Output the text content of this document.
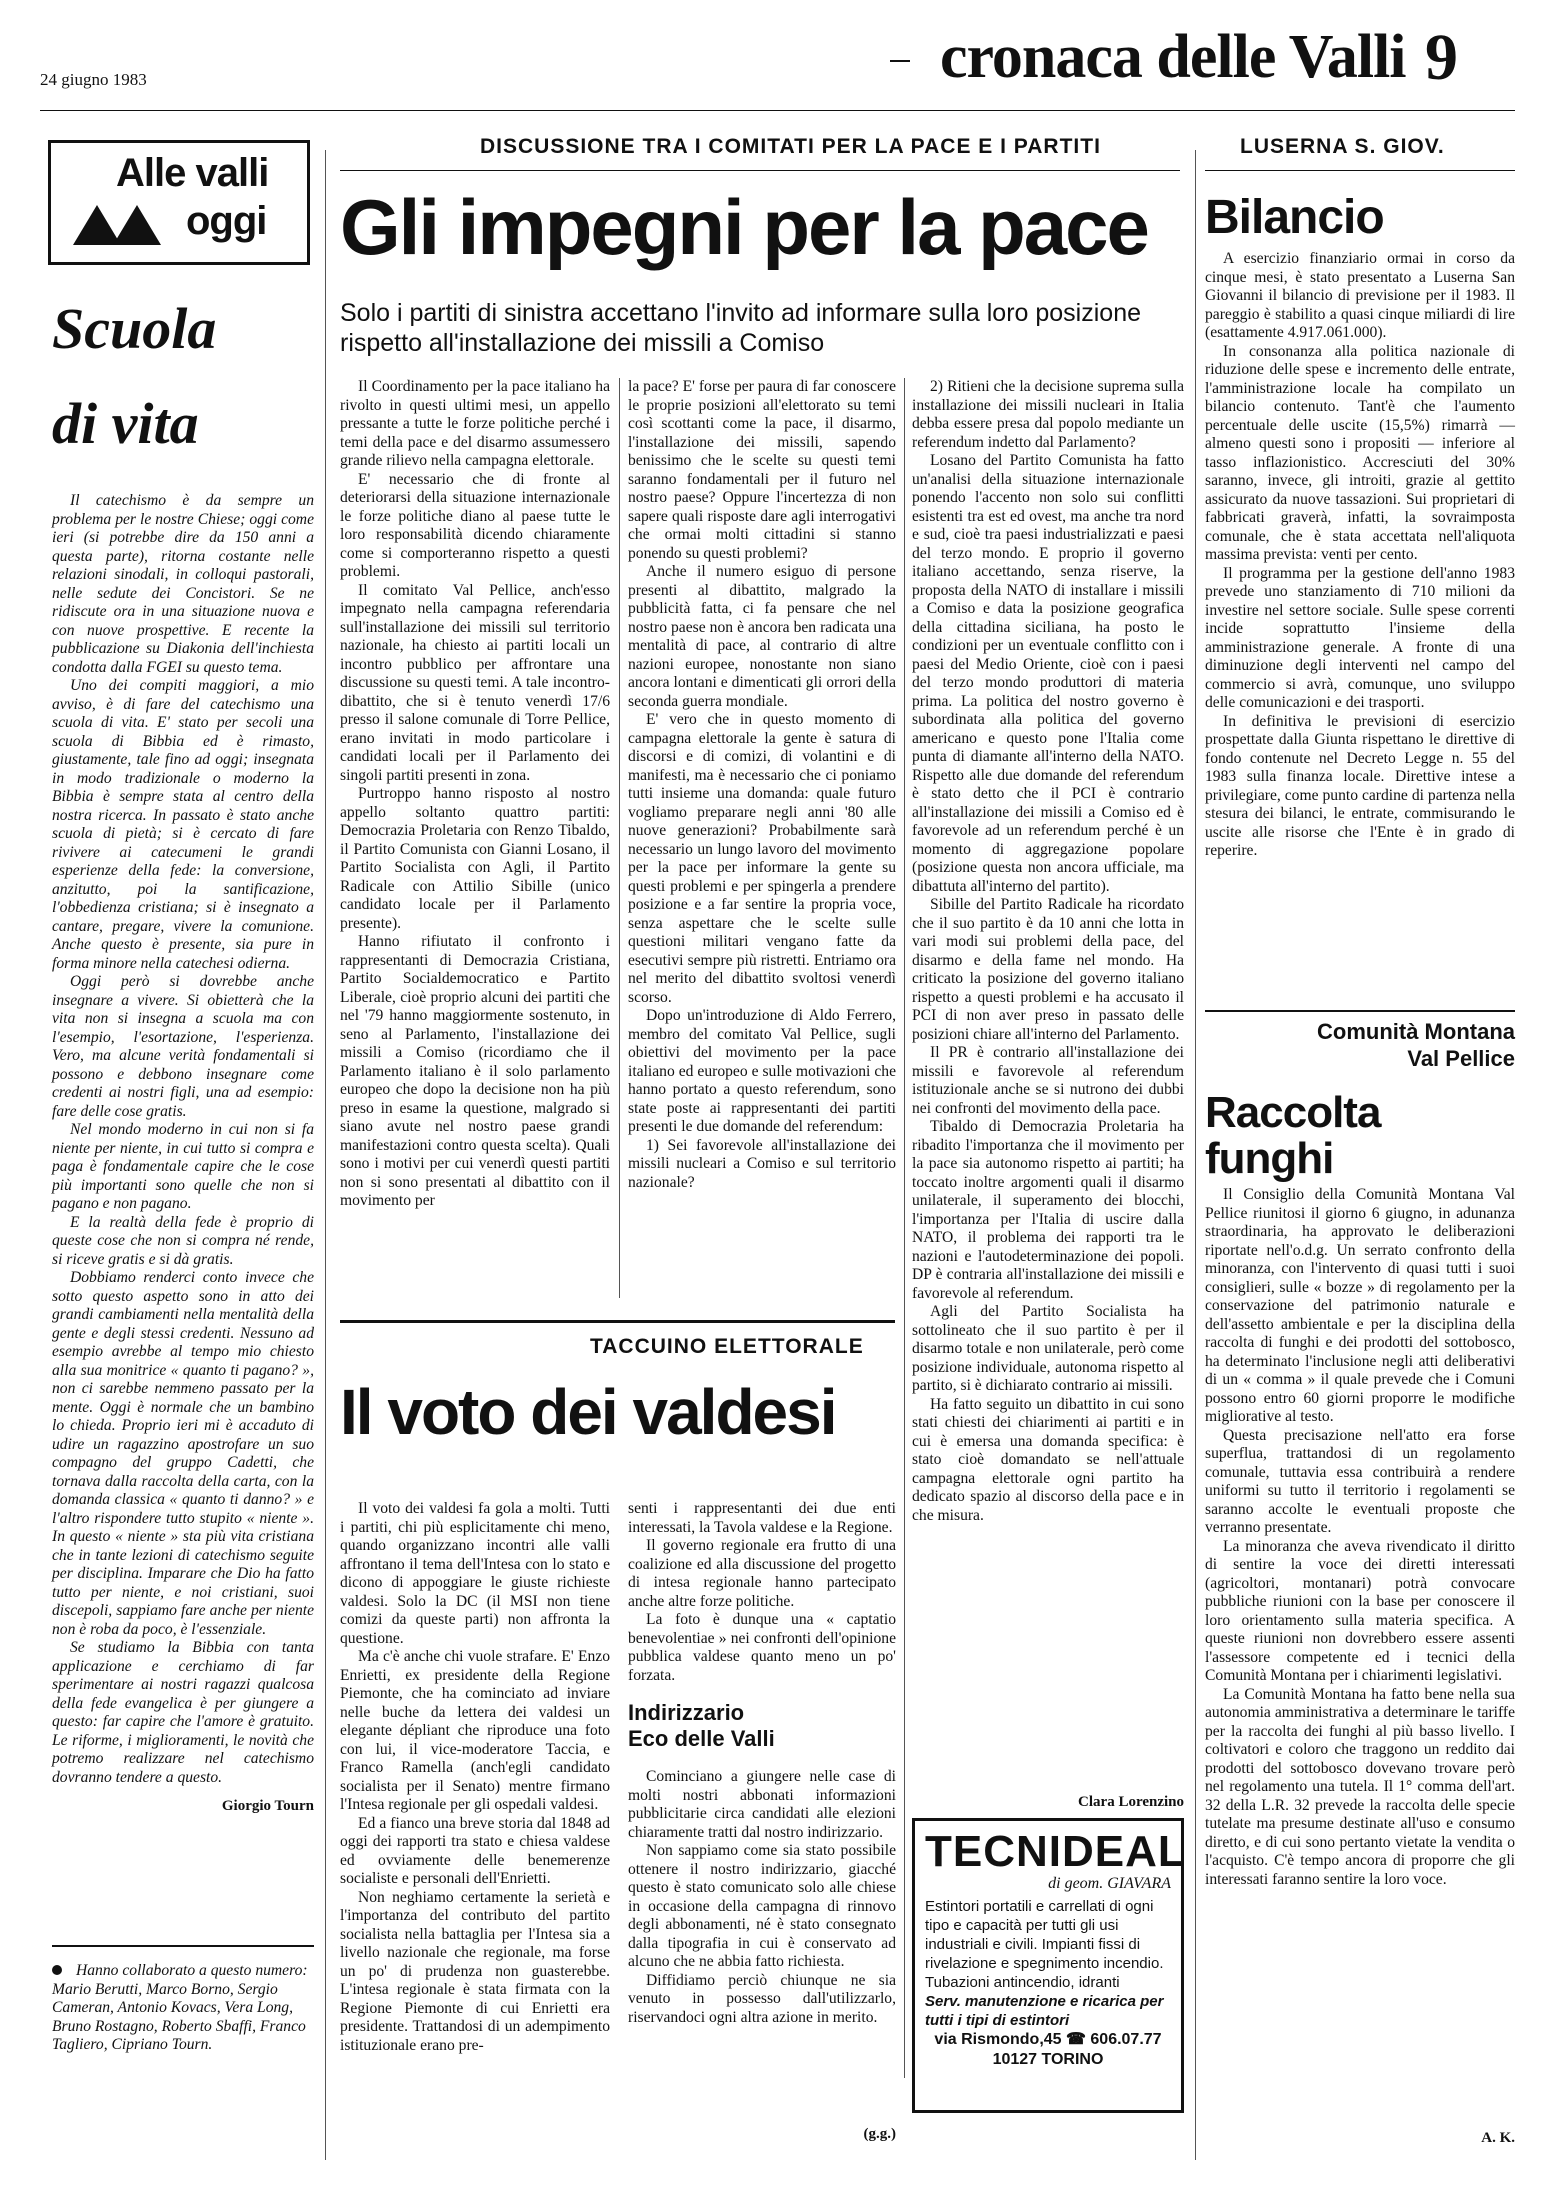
24 giugno 1983	cronaca delle Valli 9
Alle valli
oggi
Scuola
di vita

Il catechismo è da sempre un problema per le nostre Chiese; oggi come ieri (si potrebbe dire da 150 anni a questa parte), ritorna costante nelle relazioni sinodali, in colloqui pastorali, nelle sedute dei Concistori. Se ne ridiscute ora in una situazione nuova e con nuove prospettive. E recente la pubblicazione su Diakonia dell'inchiesta condotta dalla FGEI su questo tema.

Uno dei compiti maggiori, a mio avviso, è di fare del catechismo una scuola di vita. E' stato per secoli una scuola di Bibbia ed è rimasto, giustamente, tale fino ad oggi; insegnata in modo tradizionale o moderno la Bibbia è sempre stata al centro della nostra ricerca. In passato è stato anche scuola di pietà; si è cercato di fare rivivere ai catecumeni le grandi esperienze della fede: la conversione, anzitutto, poi la santificazione, l'obbedienza cristiana; si è insegnato a cantare, pregare, vivere la comunione. Anche questo è presente, sia pure in forma minore nella catechesi odierna.

Oggi però si dovrebbe anche insegnare a vivere. Si obietterà che la vita non si insegna a scuola ma con l'esempio, l'esortazione, l'esperienza. Vero, ma alcune verità fondamentali si possono e debbono insegnare come credenti ai nostri figli, una ad esempio: fare delle cose gratis.

Nel mondo moderno in cui non si fa niente per niente, in cui tutto si compra e paga è fondamentale capire che le cose più importanti sono quelle che non si pagano e non pagano.

E la realtà della fede è proprio di queste cose che non si compra né rende, si riceve gratis e si dà gratis.

Dobbiamo renderci conto invece che sotto questo aspetto sono in atto dei grandi cambiamenti nella mentalità della gente e degli stessi credenti. Nessuno ad esempio avrebbe al tempo mio chiesto alla sua monitrice « quanto ti pagano? », non ci sarebbe nemmeno passato per la mente. Oggi è normale che un bambino lo chieda. Proprio ieri mi è accaduto di udire un ragazzino apostrofare un suo compagno del gruppo Cadetti, che tornava dalla raccolta della carta, con la domanda classica « quanto ti danno? » e l'altro rispondere tutto stupito « niente ». In questo « niente » sta più vita cristiana che in tante lezioni di catechismo seguite per disciplina. Imparare che Dio ha fatto tutto per niente, e noi cristiani, suoi discepoli, sappiamo fare anche per niente non è roba da poco, è l'essenziale.

Se studiamo la Bibbia con tanta applicazione e cerchiamo di far sperimentare ai nostri ragazzi qualcosa della fede evangelica è per giungere a questo: far capire che l'amore è gratuito. Le riforme, i miglioramenti, le novità che potremo realizzare nel catechismo dovranno tendere a questo.

Giorgio Tourn
Hanno collaborato a questo numero: Mario Berutti, Marco Borno, Sergio Cameran, Antonio Kovacs, Vera Long, Bruno Rostagno, Roberto Sbaffi, Franco Tagliero, Cipriano Tourn.
DISCUSSIONE TRA I COMITATI PER LA PACE E I PARTITI	LUSERNA S. GIOV.
Gli impegni per la pace
Solo i partiti di sinistra accettano l'invito ad informare sulla loro posizione rispetto all'installazione dei missili a Comiso

Il Coordinamento per la pace italiano ha rivolto in questi ultimi mesi, un appello pressante a tutte le forze politiche perché i temi della pace e del disarmo assumessero grande rilievo nella campagna elettorale.

E' necessario che di fronte al deteriorarsi della situazione internazionale le forze politiche diano al paese tutte le loro responsabilità dicendo chiaramente come si comporteranno rispetto a questi problemi.

Il comitato Val Pellice, anch'esso impegnato nella campagna referendaria sull'installazione dei missili sul territorio nazionale, ha chiesto ai partiti locali un incontro pubblico per affrontare una discussione su questi temi. A tale incontro-dibattito, che si è tenuto venerdì 17/6 presso il salone comunale di Torre Pellice, erano invitati in modo particolare i candidati locali per il Parlamento dei singoli partiti presenti in zona.

Purtroppo hanno risposto al nostro appello soltanto quattro partiti: Democrazia Proletaria con Renzo Tibaldo, il Partito Comunista con Gianni Losano, il Partito Socialista con Agli, il Partito Radicale con Attilio Sibille (unico candidato locale per il Parlamento presente).

Hanno rifiutato il confronto i rappresentanti di Democrazia Cristiana, Partito Socialdemocratico e Partito Liberale, cioè proprio alcuni dei partiti che nel '79 hanno maggiormente sostenuto, in seno al Parlamento, l'installazione dei missili a Comiso (ricordiamo che il Parlamento italiano è il solo parlamento europeo che dopo la decisione non ha più preso in esame la questione, malgrado si siano avute nel nostro paese grandi manifestazioni contro questa scelta). Quali sono i motivi per cui venerdì questi partiti non si sono presentati al dibattito con il movimento per

la pace? E' forse per paura di far conoscere le proprie posizioni all'elettorato su temi così scottanti come la pace, il disarmo, l'installazione dei missili, sapendo benissimo che le scelte su questi temi saranno fondamentali per il futuro nel nostro paese? Oppure l'incertezza di non sapere quali risposte dare agli interrogativi che ormai molti cittadini si stanno ponendo su questi problemi?

Anche il numero esiguo di persone presenti al dibattito, malgrado la pubblicità fatta, ci fa pensare che nel nostro paese non è ancora ben radicata una mentalità di pace, al contrario di altre nazioni europee, nonostante non siano ancora lontani e dimenticati gli orrori della seconda guerra mondiale.

E' vero che in questo momento di campagna elettorale la gente è satura di discorsi e di comizi, di volantini e di manifesti, ma è necessario che ci poniamo tutti insieme una domanda: quale futuro vogliamo preparare negli anni '80 alle nuove generazioni? Probabilmente sarà necessario un lungo lavoro del movimento per la pace per informare la gente su questi problemi e per spingerla a prendere posizione e a far sentire la propria voce, senza aspettare che le scelte sulle questioni militari vengano fatte da esecutivi sempre più ristretti. Entriamo ora nel merito del dibattito svoltosi venerdì scorso.

Dopo un'introduzione di Aldo Ferrero, membro del comitato Val Pellice, sugli obiettivi del movimento per la pace italiano ed europeo e sulle motivazioni che hanno portato a questo referendum, sono state poste ai rappresentanti dei partiti presenti le due domande del referendum:

1) Sei favorevole all'installazione dei missili nucleari a Comiso e sul territorio nazionale?

2) Ritieni che la decisione suprema sulla installazione dei missili nucleari in Italia debba essere presa dal popolo mediante un referendum indetto dal Parlamento?

Losano del Partito Comunista ha fatto un'analisi della situazione internazionale ponendo l'accento non solo sui conflitti esistenti tra est ed ovest, ma anche tra nord e sud, cioè tra paesi industrializzati e paesi del terzo mondo. E proprio il governo italiano accettando, senza riserve, la proposta della NATO di installare i missili a Comiso e data la posizione geografica della cittadina siciliana, ha posto le condizioni per un eventuale conflitto con i paesi del Medio Oriente, cioè con i paesi del terzo mondo produttori di materia prima. La politica del nostro governo è subordinata alla politica del governo americano e questo pone l'Italia come punta di diamante all'interno della NATO. Rispetto alle due domande del referendum è stato detto che il PCI è contrario all'installazione dei missili a Comiso ed è favorevole ad un referendum perché è un momento di aggregazione popolare (posizione questa non ancora ufficiale, ma dibattuta all'interno del partito).

Sibille del Partito Radicale ha ricordato che il suo partito è da 10 anni che lotta in vari modi sui problemi della pace, del disarmo e della fame nel mondo. Ha criticato la posizione del governo italiano rispetto a questi problemi e ha accusato il PCI di non aver preso in passato delle posizioni chiare all'interno del Parlamento.

Il PR è contrario all'installazione dei missili e favorevole al referendum istituzionale anche se si nutrono dei dubbi nei confronti del movimento della pace.

Tibaldo di Democrazia Proletaria ha ribadito l'importanza che il movimento per la pace sia autonomo rispetto ai partiti; ha toccato inoltre argomenti quali il disarmo unilaterale, il superamento dei blocchi, l'importanza per l'Italia di uscire dalla NATO, il problema dei rapporti tra le nazioni e l'autodeterminazione dei popoli. DP è contraria all'installazione dei missili e favorevole al referendum.

Agli del Partito Socialista ha sottolineato che il suo partito è per il disarmo totale e non unilaterale, però come posizione individuale, autonoma rispetto al partito, si è dichiarato contrario ai missili.

Ha fatto seguito un dibattito in cui sono stati chiesti dei chiarimenti ai partiti e in cui è emersa una domanda specifica: è stato cioè domandato se nell'attuale campagna elettorale ogni partito ha dedicato spazio al discorso della pace e in che misura.

Clara Lorenzino
TACCUINO ELETTORALE
Il voto dei valdesi

Il voto dei valdesi fa gola a molti. Tutti i partiti, chi più esplicitamente chi meno, quando organizzano incontri alle valli affrontano il tema dell'Intesa con lo stato e dicono di appoggiare le giuste richieste valdesi. Solo la DC (il MSI non tiene comizi da queste parti) non affronta la questione.

Ma c'è anche chi vuole strafare. E' Enzo Enrietti, ex presidente della Regione Piemonte, che ha cominciato ad inviare nelle buche da lettera dei valdesi un elegante dépliant che riproduce una foto con lui, il vice-moderatore Taccia, e Franco Ramella (anch'egli candidato socialista per il Senato) mentre firmano l'Intesa regionale per gli ospedali valdesi.

Ed a fianco una breve storia dal 1848 ad oggi dei rapporti tra stato e chiesa valdese ed ovviamente delle benemerenze socialiste e personali dell'Enrietti.

Non neghiamo certamente la serietà e l'importanza del contributo del partito socialista nella battaglia per l'Intesa sia a livello nazionale che regionale, ma forse un po' di prudenza non guasterebbe. L'intesa regionale è stata firmata con la Regione Piemonte di cui Enrietti era presidente. Trattandosi di un adempimento istituzionale erano pre-

senti i rappresentanti dei due enti interessati, la Tavola valdese e la Regione.

Il governo regionale era frutto di una coalizione ed alla discussione del progetto di intesa regionale hanno partecipato anche altre forze politiche.

La foto è dunque una « captatio benevolentiae » nei confronti dell'opinione pubblica valdese quanto meno un po' forzata.

Indirizzario
Eco delle Valli

Cominciano a giungere nelle case di molti nostri abbonati informazioni pubblicitarie circa candidati alle elezioni chiaramente tratti dal nostro indirizzario.

Non sappiamo come sia stato possibile ottenere il nostro indirizzario, giacché questo è stato comunicato solo alle chiese in occasione della campagna di rinnovo degli abbonamenti, né è stato consegnato dalla tipografia in cui è conservato ad alcuno che ne abbia fatto richiesta.

Diffidiamo perciò chiunque ne sia venuto in possesso dall'utilizzarlo, riservandoci ogni altra azione in merito.

(g.g.)
TECNIDEAL
di geom. GIAVARA
Estintori portatili e carrellati di ogni tipo e capacità per tutti gli usi industriali e civili. Impianti fissi di rivelazione e spegnimento incendio. Tubazioni antincendio, idranti
Serv. manutenzione e ricarica per tutti i tipi di estintori
via Rismondo,45 ☎ 606.07.77
10127 TORINO
Bilancio

A esercizio finanziario ormai in corso da cinque mesi, è stato presentato a Luserna San Giovanni il bilancio di previsione per il 1983. Il pareggio è stabilito a quasi cinque miliardi di lire (esattamente 4.917.061.000).

In consonanza alla politica nazionale di riduzione delle spese e incremento delle entrate, l'amministrazione locale ha compilato un bilancio contenuto. Tant'è che l'aumento percentuale delle uscite (15,5%) rimarrà — almeno questi sono i propositi — inferiore al tasso inflazionistico. Accresciuti del 30% saranno, invece, gli introiti, grazie al gettito assicurato da nuove tassazioni. Sui proprietari di fabbricati graverà, infatti, la sovraimposta comunale, che è stata accettata nell'aliquota massima prevista: venti per cento.

Il programma per la gestione dell'anno 1983 prevede uno stanziamento di 710 milioni da investire nel settore sociale. Sulle spese correnti incide soprattutto l'insieme della amministrazione generale. A fronte di una diminuzione degli interventi nel campo del commercio si avrà, comunque, uno sviluppo delle comunicazioni e dei trasporti.

In definitiva le previsioni di esercizio prospettate dalla Giunta rispettano le direttive di fondo contenute nel Decreto Legge n. 55 del 1983 sulla finanza locale. Direttive intese a privilegiare, come punto cardine di partenza nella stesura dei bilanci, le entrate, commisurando le uscite alle risorse che l'Ente è in grado di reperire.

Comunità Montana
Val Pellice
Raccolta
funghi

Il Consiglio della Comunità Montana Val Pellice riunitosi il giorno 6 giugno, in adunanza straordinaria, ha approvato le deliberazioni riportate nell'o.d.g. Un serrato confronto della minoranza, con l'intervento di quasi tutti i suoi consiglieri, sulle « bozze » di regolamento per la conservazione del patrimonio naturale e dell'assetto ambientale e per la disciplina della raccolta di funghi e dei prodotti del sottobosco, ha determinato l'inclusione negli atti deliberativi di un « comma » il quale prevede che i Comuni possono entro 60 giorni proporre le modifiche migliorative al testo.

Questa precisazione nell'atto era forse superflua, trattandosi di un regolamento comunale, tuttavia essa contribuirà a rendere uniformi su tutto il territorio i regolamenti se saranno accolte le eventuali proposte che verranno presentate.

La minoranza che aveva rivendicato il diritto di sentire la voce dei diretti interessati (agricoltori, montanari) potrà convocare pubbliche riunioni con la base per conoscere il loro orientamento sulla materia specifica. A queste riunioni non dovrebbero essere assenti l'assessore competente ed i tecnici della Comunità Montana per i chiarimenti legislativi.

La Comunità Montana ha fatto bene nella sua autonomia amministrativa a determinare le tariffe per la raccolta dei funghi al più basso livello. I coltivatori e coloro che traggono un reddito dai prodotti del sottobosco dovevano trovare però nel regolamento una tutela. Il 1° comma dell'art. 32 della L.R. 32 prevede la raccolta delle specie tutelate ma presume destinate all'uso e consumo diretto, e di cui sono pertanto vietate la vendita o l'acquisto. C'è tempo ancora di proporre che gli interessati faranno sentire la loro voce.

A. K.
